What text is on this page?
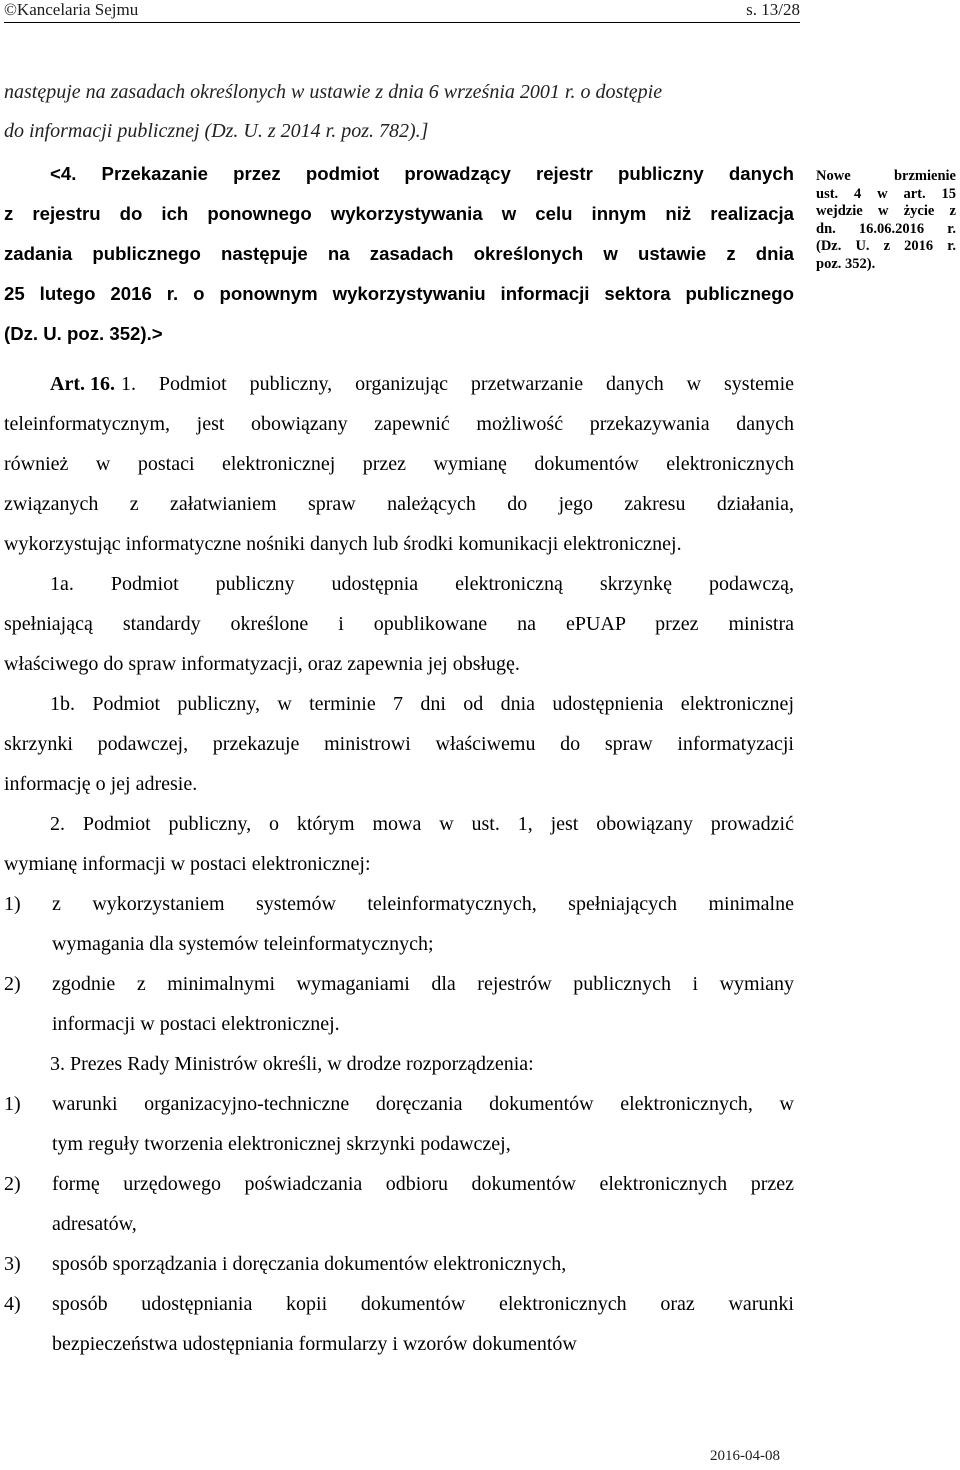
©Kancelaria Sejmu	s. 13/28
następuje na zasadach określonych w ustawie z dnia 6 września 2001 r. o dostępie
do informacji publicznej (Dz. U. z 2014 r. poz. 782).]
<4. Przekazanie przez podmiot prowadzący rejestr publiczny danych
z rejestru do ich ponownego wykorzystywania w celu innym niż realizacja
zadania publicznego następuje na zasadach określonych w ustawie z dnia
25 lutego 2016 r. o ponownym wykorzystywaniu informacji sektora publicznego
(Dz. U. poz. 352).>
Nowe brzmienie
ust. 4 w art. 15
wejdzie w życie z
dn. 16.06.2016 r.
(Dz. U. z 2016 r.
poz. 352).
Art. 16. 1. Podmiot publiczny, organizując przetwarzanie danych w systemie
teleinformatycznym, jest obowiązany zapewnić możliwość przekazywania danych
również w postaci elektronicznej przez wymianę dokumentów elektronicznych
związanych z załatwianiem spraw należących do jego zakresu działania,
wykorzystując informatyczne nośniki danych lub środki komunikacji elektronicznej.
1a. Podmiot publiczny udostępnia elektroniczną skrzynkę podawczą,
spełniającą standardy określone i opublikowane na ePUAP przez ministra
właściwego do spraw informatyzacji, oraz zapewnia jej obsługę.
1b. Podmiot publiczny, w terminie 7 dni od dnia udostępnienia elektronicznej
skrzynki podawczej, przekazuje ministrowi właściwemu do spraw informatyzacji
informację o jej adresie.
2. Podmiot publiczny, o którym mowa w ust. 1, jest obowiązany prowadzić
wymianę informacji w postaci elektronicznej:
1) z wykorzystaniem systemów teleinformatycznych, spełniających minimalne
wymagania dla systemów teleinformatycznych;
2) zgodnie z minimalnymi wymaganiami dla rejestrów publicznych i wymiany
informacji w postaci elektronicznej.
3. Prezes Rady Ministrów określi, w drodze rozporządzenia:
1) warunki organizacyjno-techniczne doręczania dokumentów elektronicznych, w
tym reguły tworzenia elektronicznej skrzynki podawczej,
2) formę urzędowego poświadczania odbioru dokumentów elektronicznych przez
adresatów,
3) sposób sporządzania i doręczania dokumentów elektronicznych,
4) sposób udostępniania kopii dokumentów elektronicznych oraz warunki
bezpieczeństwa udostępniania formularzy i wzorów dokumentów
2016-04-08
